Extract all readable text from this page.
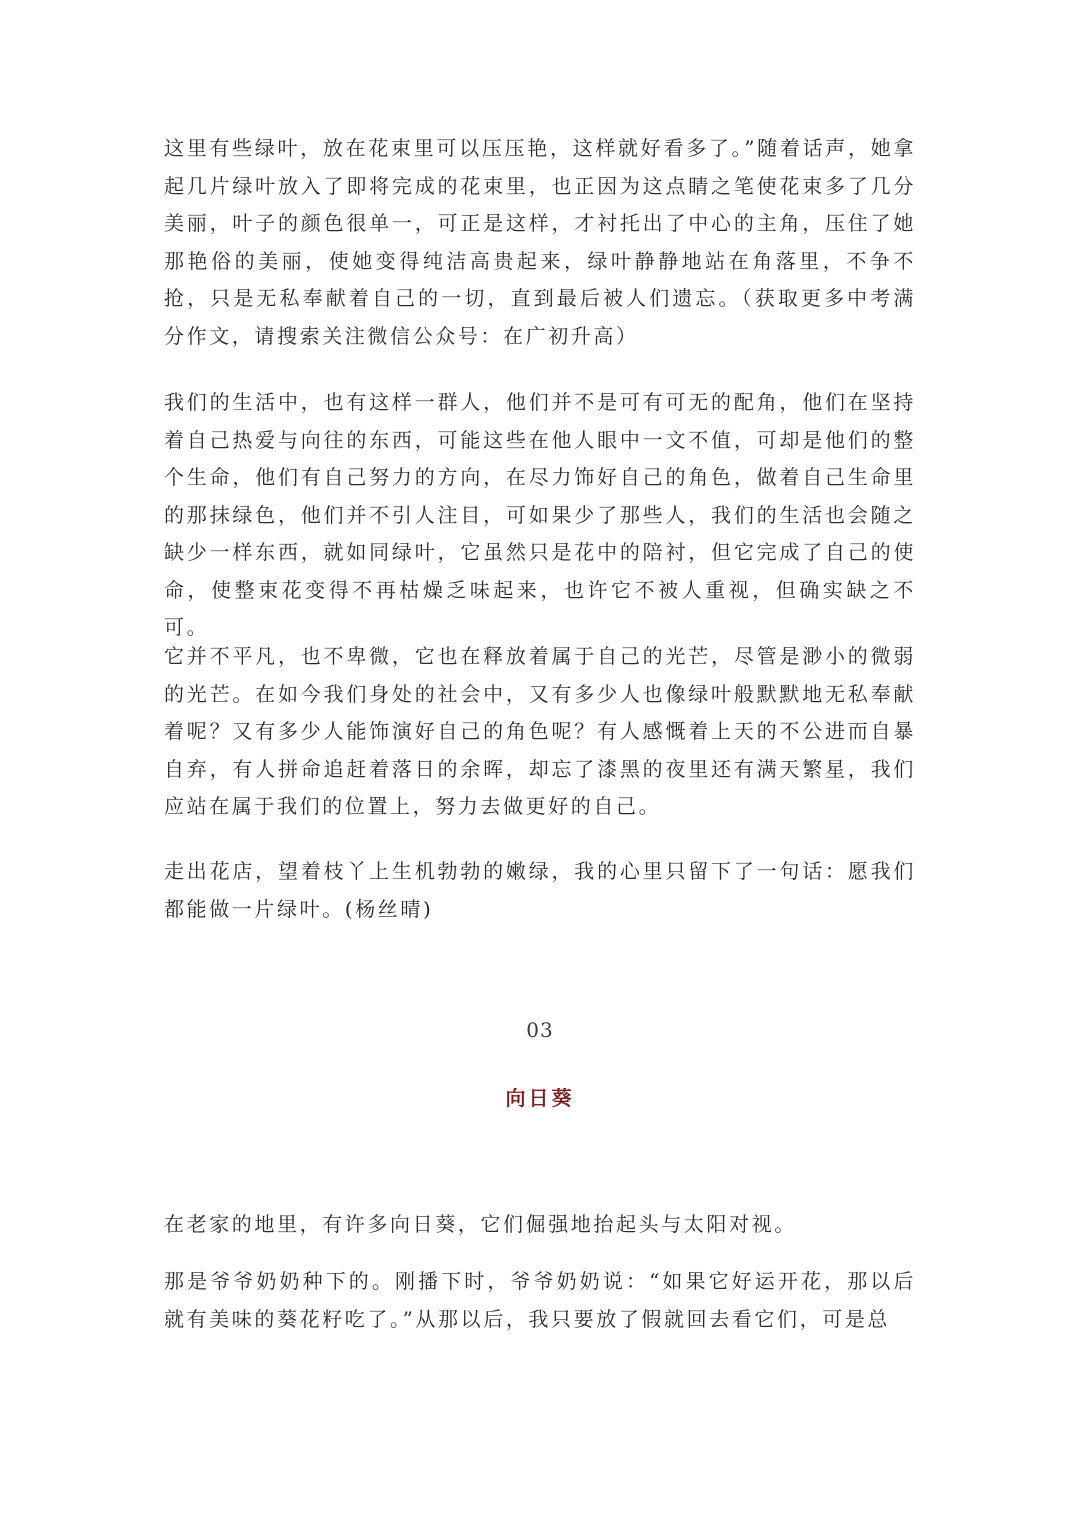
这里有些绿叶，放在花束里可以压压艳，这样就好看多了。”随着话声，她拿起几片绿叶放入了即将完成的花束里，也正因为这点睛之笔使花束多了几分美丽，叶子的颜色很单一，可正是这样，才衬托出了中心的主角，压住了她那艳俗的美丽，使她变得纯洁高贵起来，绿叶静静地站在角落里，不争不抢，只是无私奉献着自己的一切，直到最后被人们遗忘。（获取更多中考满分作文，请搜索关注微信公众号：在广初升高）

我们的生活中，也有这样一群人，他们并不是可有可无的配角，他们在坚持着自己热爱与向往的东西，可能这些在他人眼中一文不值，可却是他们的整个生命，他们有自己努力的方向，在尽力饰好自己的角色，做着自己生命里的那抹绿色，他们并不引人注目，可如果少了那些人，我们的生活也会随之缺少一样东西，就如同绿叶，它虽然只是花中的陪衬，但它完成了自己的使命，使整束花变得不再枯燥乏味起来，也许它不被人重视，但确实缺之不可。

它并不平凡，也不卑微，它也在释放着属于自己的光芒，尽管是渺小的微弱的光芒。在如今我们身处的社会中，又有多少人也像绿叶般默默地无私奉献着呢？又有多少人能饰演好自己的角色呢？有人感慨着上天的不公进而自暴自弃，有人拼命追赶着落日的余晖，却忘了漆黑的夜里还有满天繁星，我们应站在属于我们的位置上，努力去做更好的自己。

走出花店，望着枝丫上生机勃勃的嫩绿，我的心里只留下了一句话：愿我们都能做一片绿叶。(杨丝晴)

03
向日葵

在老家的地里，有许多向日葵，它们倔强地抬起头与太阳对视。

那是爷爷奶奶种下的。刚播下时，爷爷奶奶说：“如果它好运开花，那以后就有美味的葵花籽吃了。”从那以后，我只要放了假就回去看它们，可是总
